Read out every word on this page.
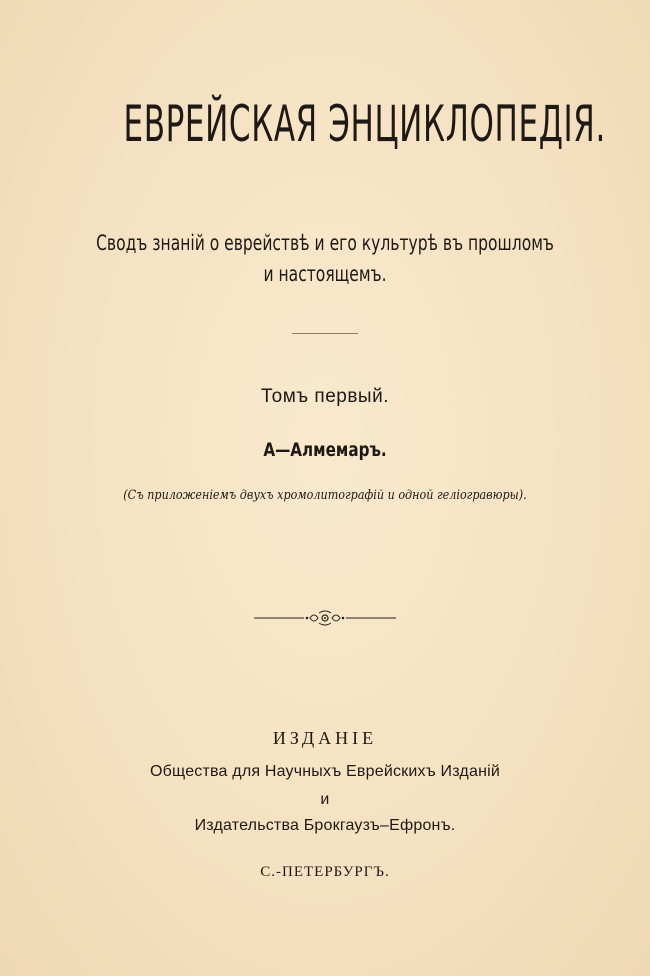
ЕВРЕЙСКАЯ ЭНЦИКЛОПЕДІЯ.
Сводъ знаній о еврействѣ и его культурѣ въ прошломъ
и настоящемъ.
Томъ первый.
А—Алмемаръ.
(Съ приложеніемъ двухъ хромолитографій и одной геліогравюры).
ИЗДАНІЕ
Общества для Научныхъ Еврейскихъ Изданій
и
Издательства Брокгаузъ–Ефронъ.
С.-ПЕТЕРБУРГЪ.
